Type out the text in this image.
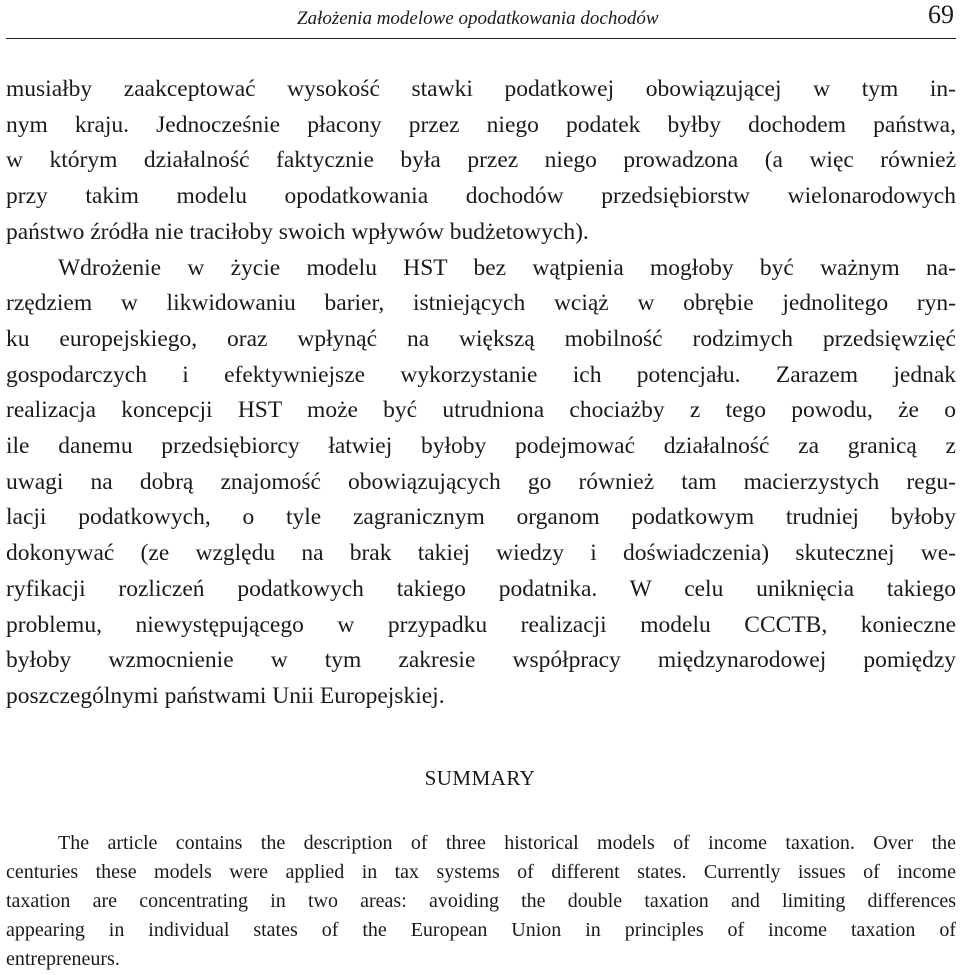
Założenia modelowe opodatkowania dochodów	69
musiałby zaakceptować wysokość stawki podatkowej obowiązującej w tym in-
nym kraju. Jednocześnie płacony przez niego podatek byłby dochodem państwa,
w którym działalność faktycznie była przez niego prowadzona (a więc również
przy takim modelu opodatkowania dochodów przedsiębiorstw wielonarodowych
państwo źródła nie traciłoby swoich wpływów budżetowych).
Wdrożenie w życie modelu HST bez wątpienia mogłoby być ważnym na-
rzędziem w likwidowaniu barier, istniejących wciąż w obrębie jednolitego ryn-
ku europejskiego, oraz wpłynąć na większą mobilność rodzimych przedsięwzięć
gospodarczych i efektywniejsze wykorzystanie ich potencjału. Zarazem jednak
realizacja koncepcji HST może być utrudniona chociażby z tego powodu, że o
ile danemu przedsiębiorcy łatwiej byłoby podejmować działalność za granicą z
uwagi na dobrą znajomość obowiązujących go również tam macierzystych regu-
lacji podatkowych, o tyle zagranicznym organom podatkowym trudniej byłoby
dokonywać (ze względu na brak takiej wiedzy i doświadczenia) skutecznej we-
ryfikacji rozliczeń podatkowych takiego podatnika. W celu uniknięcia takiego
problemu, niewystępującego w przypadku realizacji modelu CCCTB, konieczne
byłoby wzmocnienie w tym zakresie współpracy międzynarodowej pomiędzy
poszczególnymi państwami Unii Europejskiej.
SUMMARY
The article contains the description of three historical models of income taxation. Over the
centuries these models were applied in tax systems of different states. Currently issues of income
taxation are concentrating in two areas: avoiding the double taxation and limiting differences
appearing in individual states of the European Union in principles of income taxation of
entrepreneurs.
